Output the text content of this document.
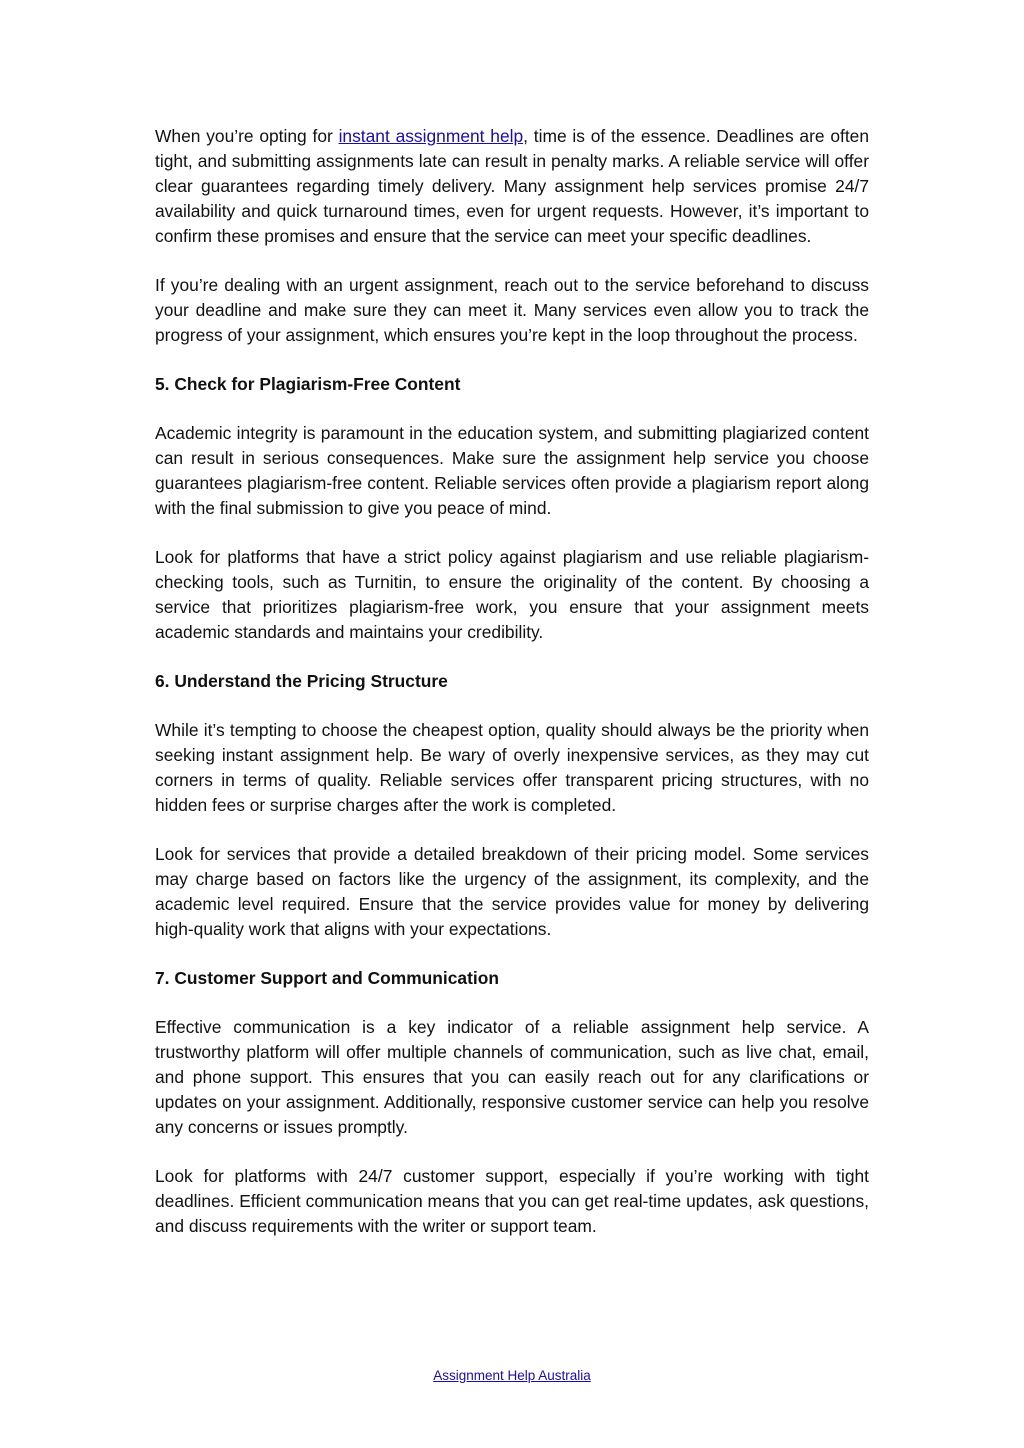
When you’re opting for instant assignment help, time is of the essence. Deadlines are often tight, and submitting assignments late can result in penalty marks. A reliable service will offer clear guarantees regarding timely delivery. Many assignment help services promise 24/7 availability and quick turnaround times, even for urgent requests. However, it’s important to confirm these promises and ensure that the service can meet your specific deadlines.

If you’re dealing with an urgent assignment, reach out to the service beforehand to discuss your deadline and make sure they can meet it. Many services even allow you to track the progress of your assignment, which ensures you’re kept in the loop throughout the process.

5. Check for Plagiarism-Free Content

Academic integrity is paramount in the education system, and submitting plagiarized content can result in serious consequences. Make sure the assignment help service you choose guarantees plagiarism-free content. Reliable services often provide a plagiarism report along with the final submission to give you peace of mind.

Look for platforms that have a strict policy against plagiarism and use reliable plagiarism-checking tools, such as Turnitin, to ensure the originality of the content. By choosing a service that prioritizes plagiarism-free work, you ensure that your assignment meets academic standards and maintains your credibility.

6. Understand the Pricing Structure

While it’s tempting to choose the cheapest option, quality should always be the priority when seeking instant assignment help. Be wary of overly inexpensive services, as they may cut corners in terms of quality. Reliable services offer transparent pricing structures, with no hidden fees or surprise charges after the work is completed.

Look for services that provide a detailed breakdown of their pricing model. Some services may charge based on factors like the urgency of the assignment, its complexity, and the academic level required. Ensure that the service provides value for money by delivering high-quality work that aligns with your expectations.

7. Customer Support and Communication

Effective communication is a key indicator of a reliable assignment help service. A trustworthy platform will offer multiple channels of communication, such as live chat, email, and phone support. This ensures that you can easily reach out for any clarifications or updates on your assignment. Additionally, responsive customer service can help you resolve any concerns or issues promptly.

Look for platforms with 24/7 customer support, especially if you’re working with tight deadlines. Efficient communication means that you can get real-time updates, ask questions, and discuss requirements with the writer or support team.

Assignment Help Australia
